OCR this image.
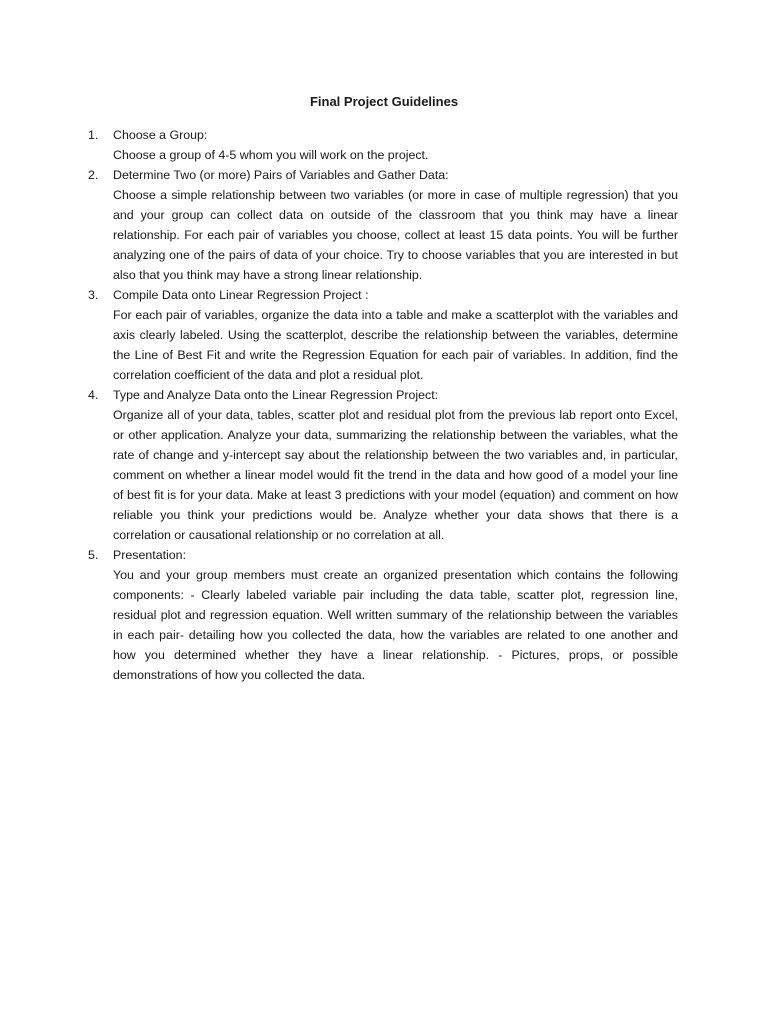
Final Project Guidelines
1.	Choose a Group:
Choose a group of 4-5 whom you will work on the project.
2.	Determine Two (or more) Pairs of Variables and Gather Data:
Choose a simple relationship between two variables (or more in case of multiple regression) that you and your group can collect data on outside of the classroom that you think may have a linear relationship. For each pair of variables you choose, collect at least 15 data points. You will be further analyzing one of the pairs of data of your choice. Try to choose variables that you are interested in but also that you think may have a strong linear relationship.
3.	Compile Data onto Linear Regression Project :
For each pair of variables, organize the data into a table and make a scatterplot with the variables and axis clearly labeled. Using the scatterplot, describe the relationship between the variables, determine the Line of Best Fit and write the Regression Equation for each pair of variables. In addition, find the correlation coefficient of the data and plot a residual plot.
4.	Type and Analyze Data onto the Linear Regression Project:
Organize all of your data, tables, scatter plot and residual plot from the previous lab report onto Excel, or other application. Analyze your data, summarizing the relationship between the variables, what the rate of change and y-intercept say about the relationship between the two variables and, in particular, comment on whether a linear model would fit the trend in the data and how good of a model your line of best fit is for your data. Make at least 3 predictions with your model (equation) and comment on how reliable you think your predictions would be. Analyze whether your data shows that there is a correlation or causational relationship or no correlation at all.
5.	Presentation:
You and your group members must create an organized presentation which contains the following components: - Clearly labeled variable pair including the data table, scatter plot, regression line, residual plot and regression equation. Well written summary of the relationship between the variables in each pair- detailing how you collected the data, how the variables are related to one another and how you determined whether they have a linear relationship. - Pictures, props, or possible demonstrations of how you collected the data.
